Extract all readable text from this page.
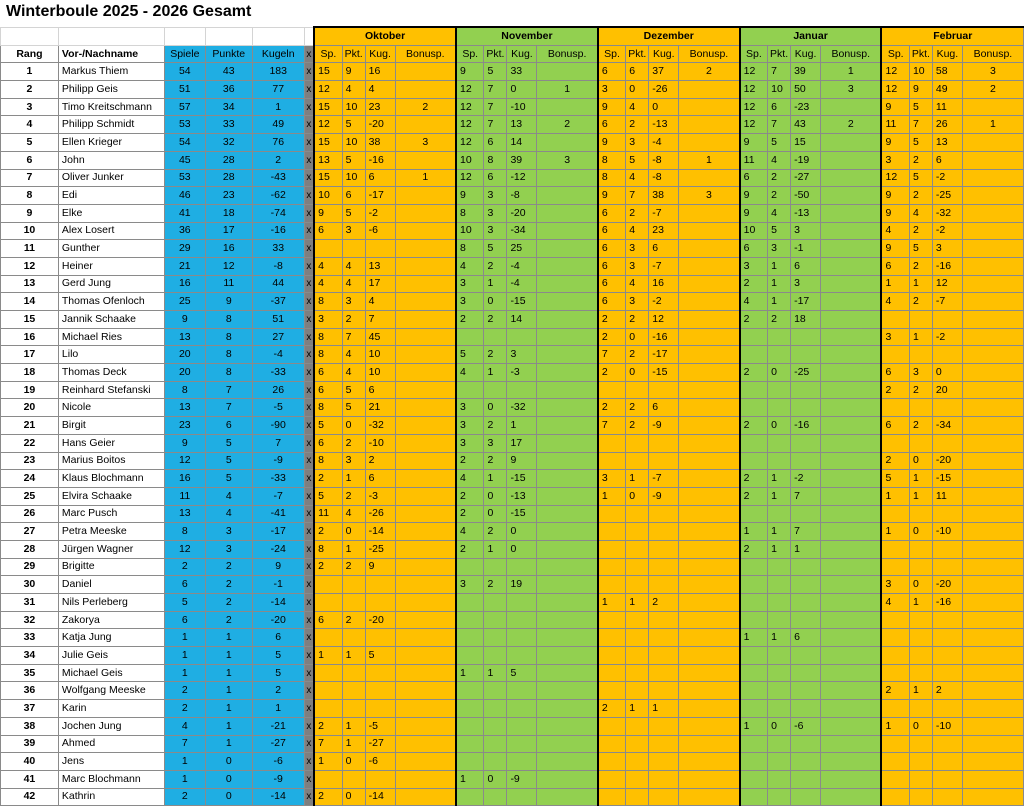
Winterboule 2025 - 2026 Gesamt
						Oktober				November				Dezember				Januar				Februar			
Rang	Vor-/Nachname	Spiele	Punkte	Kugeln	x	Sp.	Pkt.	Kug.	Bonusp.	Sp.	Pkt.	Kug.	Bonusp.	Sp.	Pkt.	Kug.	Bonusp.	Sp.	Pkt.	Kug.	Bonusp.	Sp.	Pkt.	Kug.	Bonusp.
1	Markus Thiem	54	43	183	x	15	9	16		9	5	33		6	6	37	2	12	7	39	1	12	10	58	3
2	Philipp Geis	51	36	77	x	12	4	4		12	7	0	1	3	0	-26		12	10	50	3	12	9	49	2
3	Timo Kreitschmann	57	34	1	x	15	10	23	2	12	7	-10		9	4	0		12	6	-23		9	5	11	
4	Philipp Schmidt	53	33	49	x	12	5	-20		12	7	13	2	6	2	-13		12	7	43	2	11	7	26	1
5	Ellen Krieger	54	32	76	x	15	10	38	3	12	6	14		9	3	-4		9	5	15		9	5	13	
6	John	45	28	2	x	13	5	-16		10	8	39	3	8	5	-8	1	11	4	-19		3	2	6	
7	Oliver Junker	53	28	-43	x	15	10	6	1	12	6	-12		8	4	-8		6	2	-27		12	5	-2	
8	Edi	46	23	-62	x	10	6	-17		9	3	-8		9	7	38	3	9	2	-50		9	2	-25	
9	Elke	41	18	-74	x	9	5	-2		8	3	-20		6	2	-7		9	4	-13		9	4	-32	
10	Alex Losert	36	17	-16	x	6	3	-6		10	3	-34		6	4	23		10	5	3		4	2	-2	
11	Gunther	29	16	33	x					8	5	25		6	3	6		6	3	-1		9	5	3	
12	Heiner	21	12	-8	x	4	4	13		4	2	-4		6	3	-7		3	1	6		6	2	-16	
13	Gerd Jung	16	11	44	x	4	4	17		3	1	-4		6	4	16		2	1	3		1	1	12	
14	Thomas Ofenloch	25	9	-37	x	8	3	4		3	0	-15		6	3	-2		4	1	-17		4	2	-7	
15	Jannik Schaake	9	8	51	x	3	2	7		2	2	14		2	2	12		2	2	18					
16	Michael Ries	13	8	27	x	8	7	45						2	0	-16						3	1	-2	
17	Lilo	20	8	-4	x	8	4	10		5	2	3		7	2	-17									
18	Thomas Deck	20	8	-33	x	6	4	10		4	1	-3		2	0	-15		2	0	-25		6	3	0	
19	Reinhard Stefanski	8	7	26	x	6	5	6														2	2	20	
20	Nicole	13	7	-5	x	8	5	21		3	0	-32		2	2	6									
21	Birgit	23	6	-90	x	5	0	-32		3	2	1		7	2	-9		2	0	-16		6	2	-34	
22	Hans Geier	9	5	7	x	6	2	-10		3	3	17													
23	Marius Boitos	12	5	-9	x	8	3	2		2	2	9										2	0	-20	
24	Klaus Blochmann	16	5	-33	x	2	1	6		4	1	-15		3	1	-7		2	1	-2		5	1	-15	
25	Elvira Schaake	11	4	-7	x	5	2	-3		2	0	-13		1	0	-9		2	1	7		1	1	11	
26	Marc Pusch	13	4	-41	x	11	4	-26		2	0	-15													
27	Petra Meeske	8	3	-17	x	2	0	-14		4	2	0						1	1	7		1	0	-10	
28	Jürgen Wagner	12	3	-24	x	8	1	-25		2	1	0						2	1	1					
29	Brigitte	2	2	9	x	2	2	9																	
30	Daniel	6	2	-1	x					3	2	19										3	0	-20	
31	Nils Perleberg	5	2	-14	x									1	1	2						4	1	-16	
32	Zakorya	6	2	-20	x	6	2	-20																	
33	Katja Jung	1	1	6	x													1	1	6					
34	Julie Geis	1	1	5	x	1	1	5																	
35	Michael Geis	1	1	5	x					1	1	5													
36	Wolfgang Meeske	2	1	2	x																	2	1	2	
37	Karin	2	1	1	x									2	1	1									
38	Jochen Jung	4	1	-21	x	2	1	-5										1	0	-6		1	0	-10	
39	Ahmed	7	1	-27	x	7	1	-27																	
40	Jens	1	0	-6	x	1	0	-6																	
41	Marc Blochmann	1	0	-9	x					1	0	-9													
42	Kathrin	2	0	-14	x	2	0	-14																	
